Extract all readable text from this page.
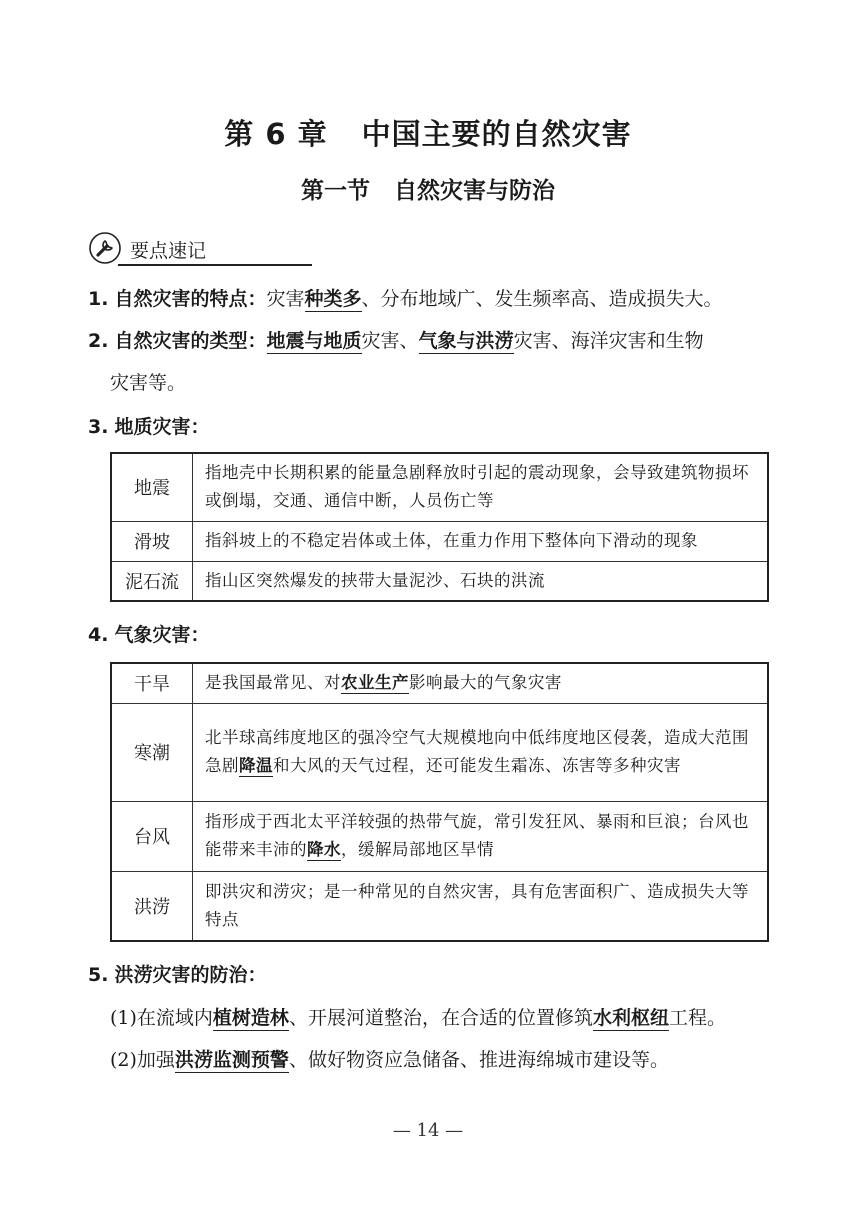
第 6 章 中国主要的自然灾害
第一节 自然灾害与防治
要点速记
1. 自然灾害的特点：灾害种类多、分布地域广、发生频率高、造成损失大。
2. 自然灾害的类型：地震与地质灾害、气象与洪涝灾害、海洋灾害和生物
灾害等。
3. 地质灾害：
地震	指地壳中长期积累的能量急剧释放时引起的震动现象，会导致建筑物损坏或倒塌，交通、通信中断，人员伤亡等
滑坡	指斜坡上的不稳定岩体或土体，在重力作用下整体向下滑动的现象
泥石流	指山区突然爆发的挟带大量泥沙、石块的洪流
4. 气象灾害：
干旱	是我国最常见、对农业生产影响最大的气象灾害
寒潮	北半球高纬度地区的强冷空气大规模地向中低纬度地区侵袭，造成大范围急剧降温和大风的天气过程，还可能发生霜冻、冻害等多种灾害
台风	指形成于西北太平洋较强的热带气旋，常引发狂风、暴雨和巨浪；台风也能带来丰沛的降水，缓解局部地区旱情
洪涝	即洪灾和涝灾；是一种常见的自然灾害，具有危害面积广、造成损失大等特点
5. 洪涝灾害的防治：
(1)在流域内植树造林、开展河道整治，在合适的位置修筑水利枢纽工程。
(2)加强洪涝监测预警、做好物资应急储备、推进海绵城市建设等。
— 14 —
